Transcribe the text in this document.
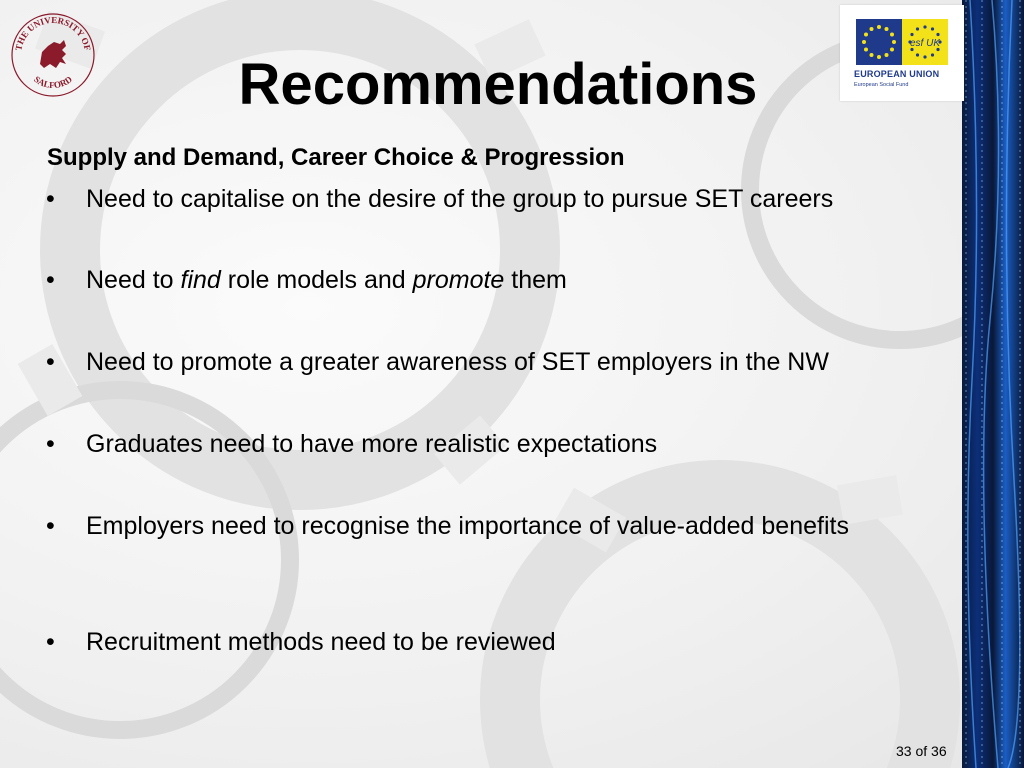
THE UNIVERSITY OF
SALFORD
esf UK
EUROPEAN UNION
European Social Fund
Recommendations
Supply and Demand, Career Choice & Progression
• Need to capitalise on the desire of the group to pursue SET careers
• Need to find role models and promote them
• Need to promote a greater awareness of SET employers in the NW
• Graduates need to have more realistic expectations
• Employers need to recognise the importance of value-added benefits
• Recruitment methods need to be reviewed
33 of 36
